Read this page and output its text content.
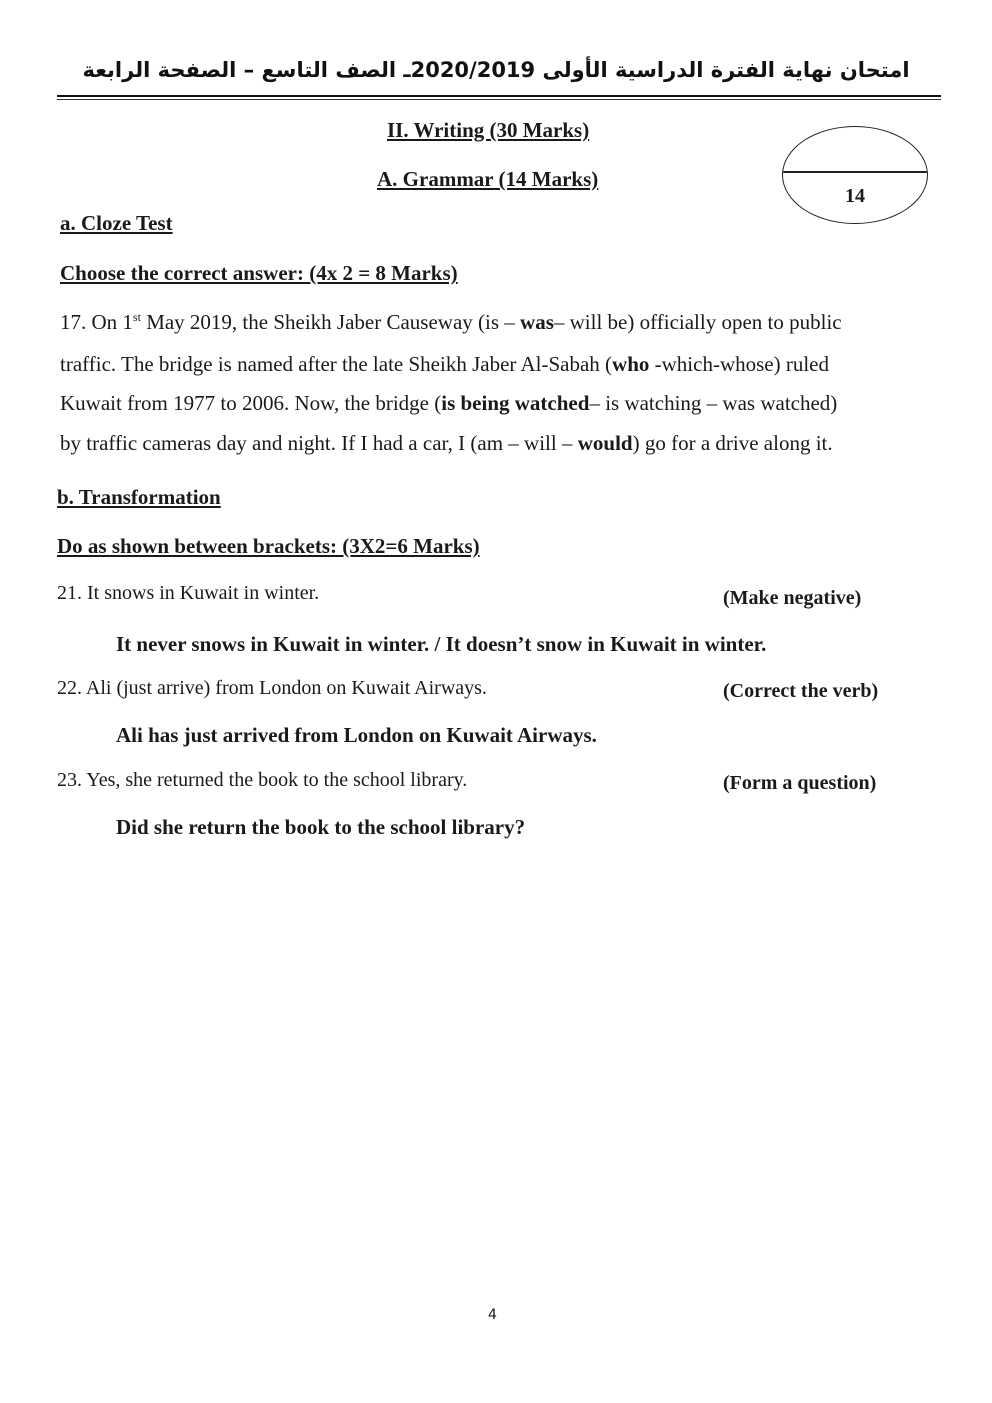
امتحان نهاية الفترة الدراسية الأولى 2020/2019ـ الصف التاسع – الصفحة الرابعة
II. Writing (30 Marks)
A. Grammar (14 Marks)
14
a. Cloze Test
Choose the correct answer: (4x 2 = 8 Marks)
17. On 1st May 2019, the Sheikh Jaber Causeway (is – was– will be) officially open to public
traffic. The bridge is named after the late Sheikh Jaber Al-Sabah (who -which-whose) ruled
Kuwait from 1977 to 2006. Now, the bridge (is being watched– is watching – was watched)
by traffic cameras day and night. If I had a car, I (am – will – would) go for a drive along it.
b. Transformation
Do as shown between brackets: (3X2=6 Marks)
21. It snows in Kuwait in winter.	(Make negative)
It never snows in Kuwait in winter. / It doesn’t snow in Kuwait in winter.
22. Ali (just arrive) from London on Kuwait Airways.	(Correct the verb)
Ali has just arrived from London on Kuwait Airways.
23. Yes, she returned the book to the school library.	(Form a question)
Did she return the book to the school library?
4
